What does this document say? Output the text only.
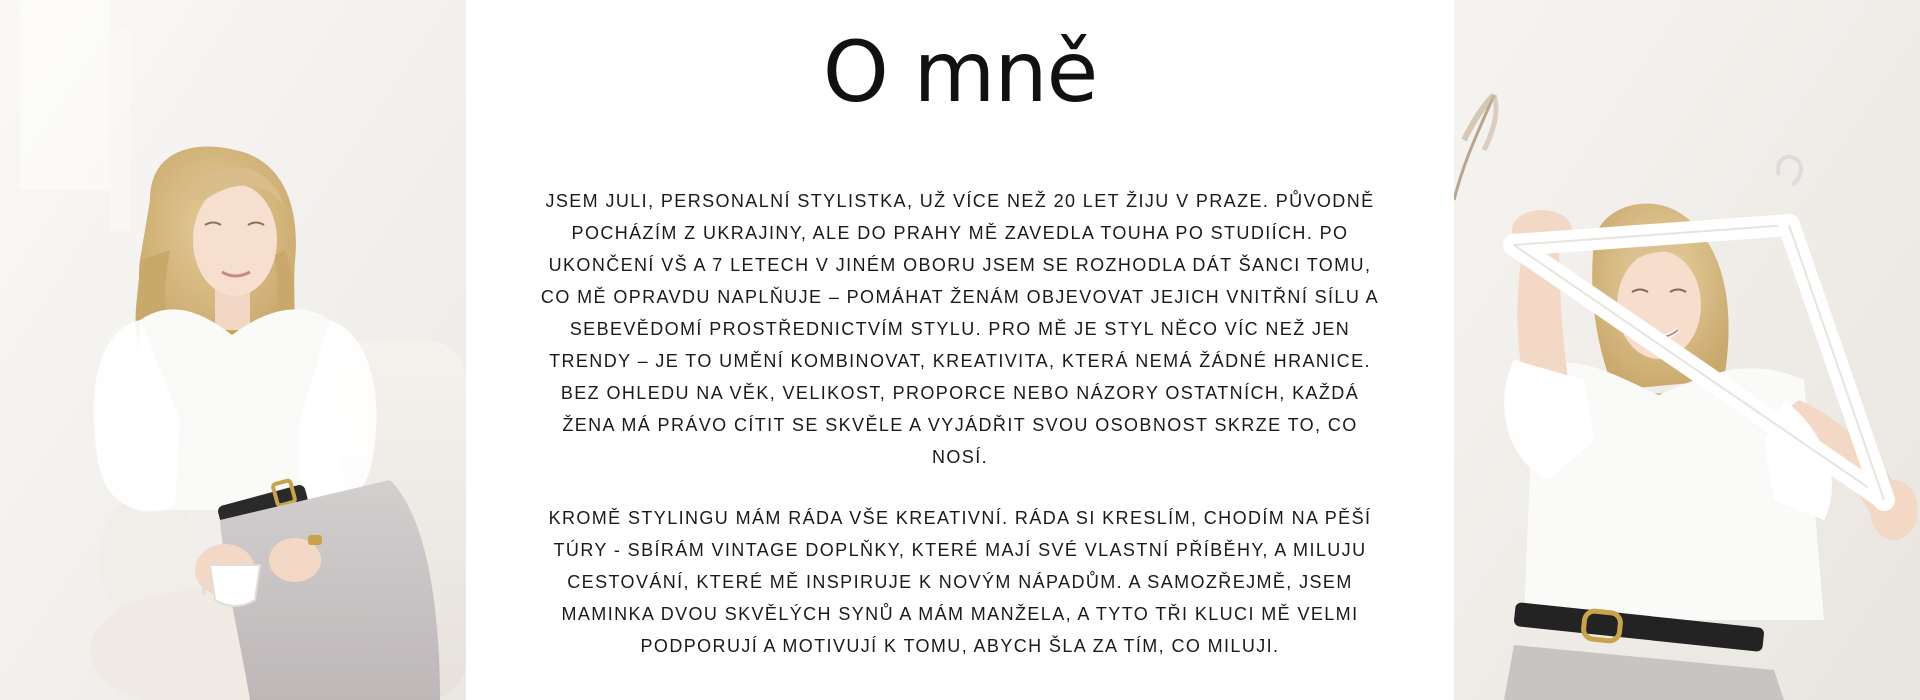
O mně

JSEM JULI, PERSONALNÍ STYLISTKA, UŽ VÍCE NEŽ 20 LET ŽIJU V PRAZE. PŮVODNĚ POCHÁZÍM Z UKRAJINY, ALE DO PRAHY MĚ ZAVEDLA TOUHA PO STUDIÍCH. PO UKONČENÍ VŠ A 7 LETECH V JINÉM OBORU JSEM SE ROZHODLA DÁT ŠANCI TOMU, CO MĚ OPRAVDU NAPLŇUJE – POMÁHAT ŽENÁM OBJEVOVAT JEJICH VNITŘNÍ SÍLU A SEBEVĚDOMÍ PROSTŘEDNICTVÍM STYLU. PRO MĚ JE STYL NĚCO VÍC NEŽ JEN TRENDY – JE TO UMĚNÍ KOMBINOVAT, KREATIVITA, KTERÁ NEMÁ ŽÁDNÉ HRANICE. BEZ OHLEDU NA VĚK, VELIKOST, PROPORCE NEBO NÁZORY OSTATNÍCH, KAŽDÁ ŽENA MÁ PRÁVO CÍTIT SE SKVĚLE A VYJÁDŘIT SVOU OSOBNOST SKRZE TO, CO NOSÍ.

KROMĚ STYLINGU MÁM RÁDA VŠE KREATIVNÍ. RÁDA SI KRESLÍM, CHODÍM NA PĚŠÍ TÚRY - SBÍRÁM VINTAGE DOPLŇKY, KTERÉ MAJÍ SVÉ VLASTNÍ PŘÍBĚHY, A MILUJU CESTOVÁNÍ, KTERÉ MĚ INSPIRUJE K NOVÝM NÁPADŮM. A SAMOZŘEJMĚ, JSEM MAMINKA DVOU SKVĚLÝCH SYNŮ A MÁM MANŽELA, A TYTO TŘI KLUCI MĚ VELMI PODPORUJÍ A MOTIVUJÍ K TOMU, ABYCH ŠLA ZA TÍM, CO MILUJI.
